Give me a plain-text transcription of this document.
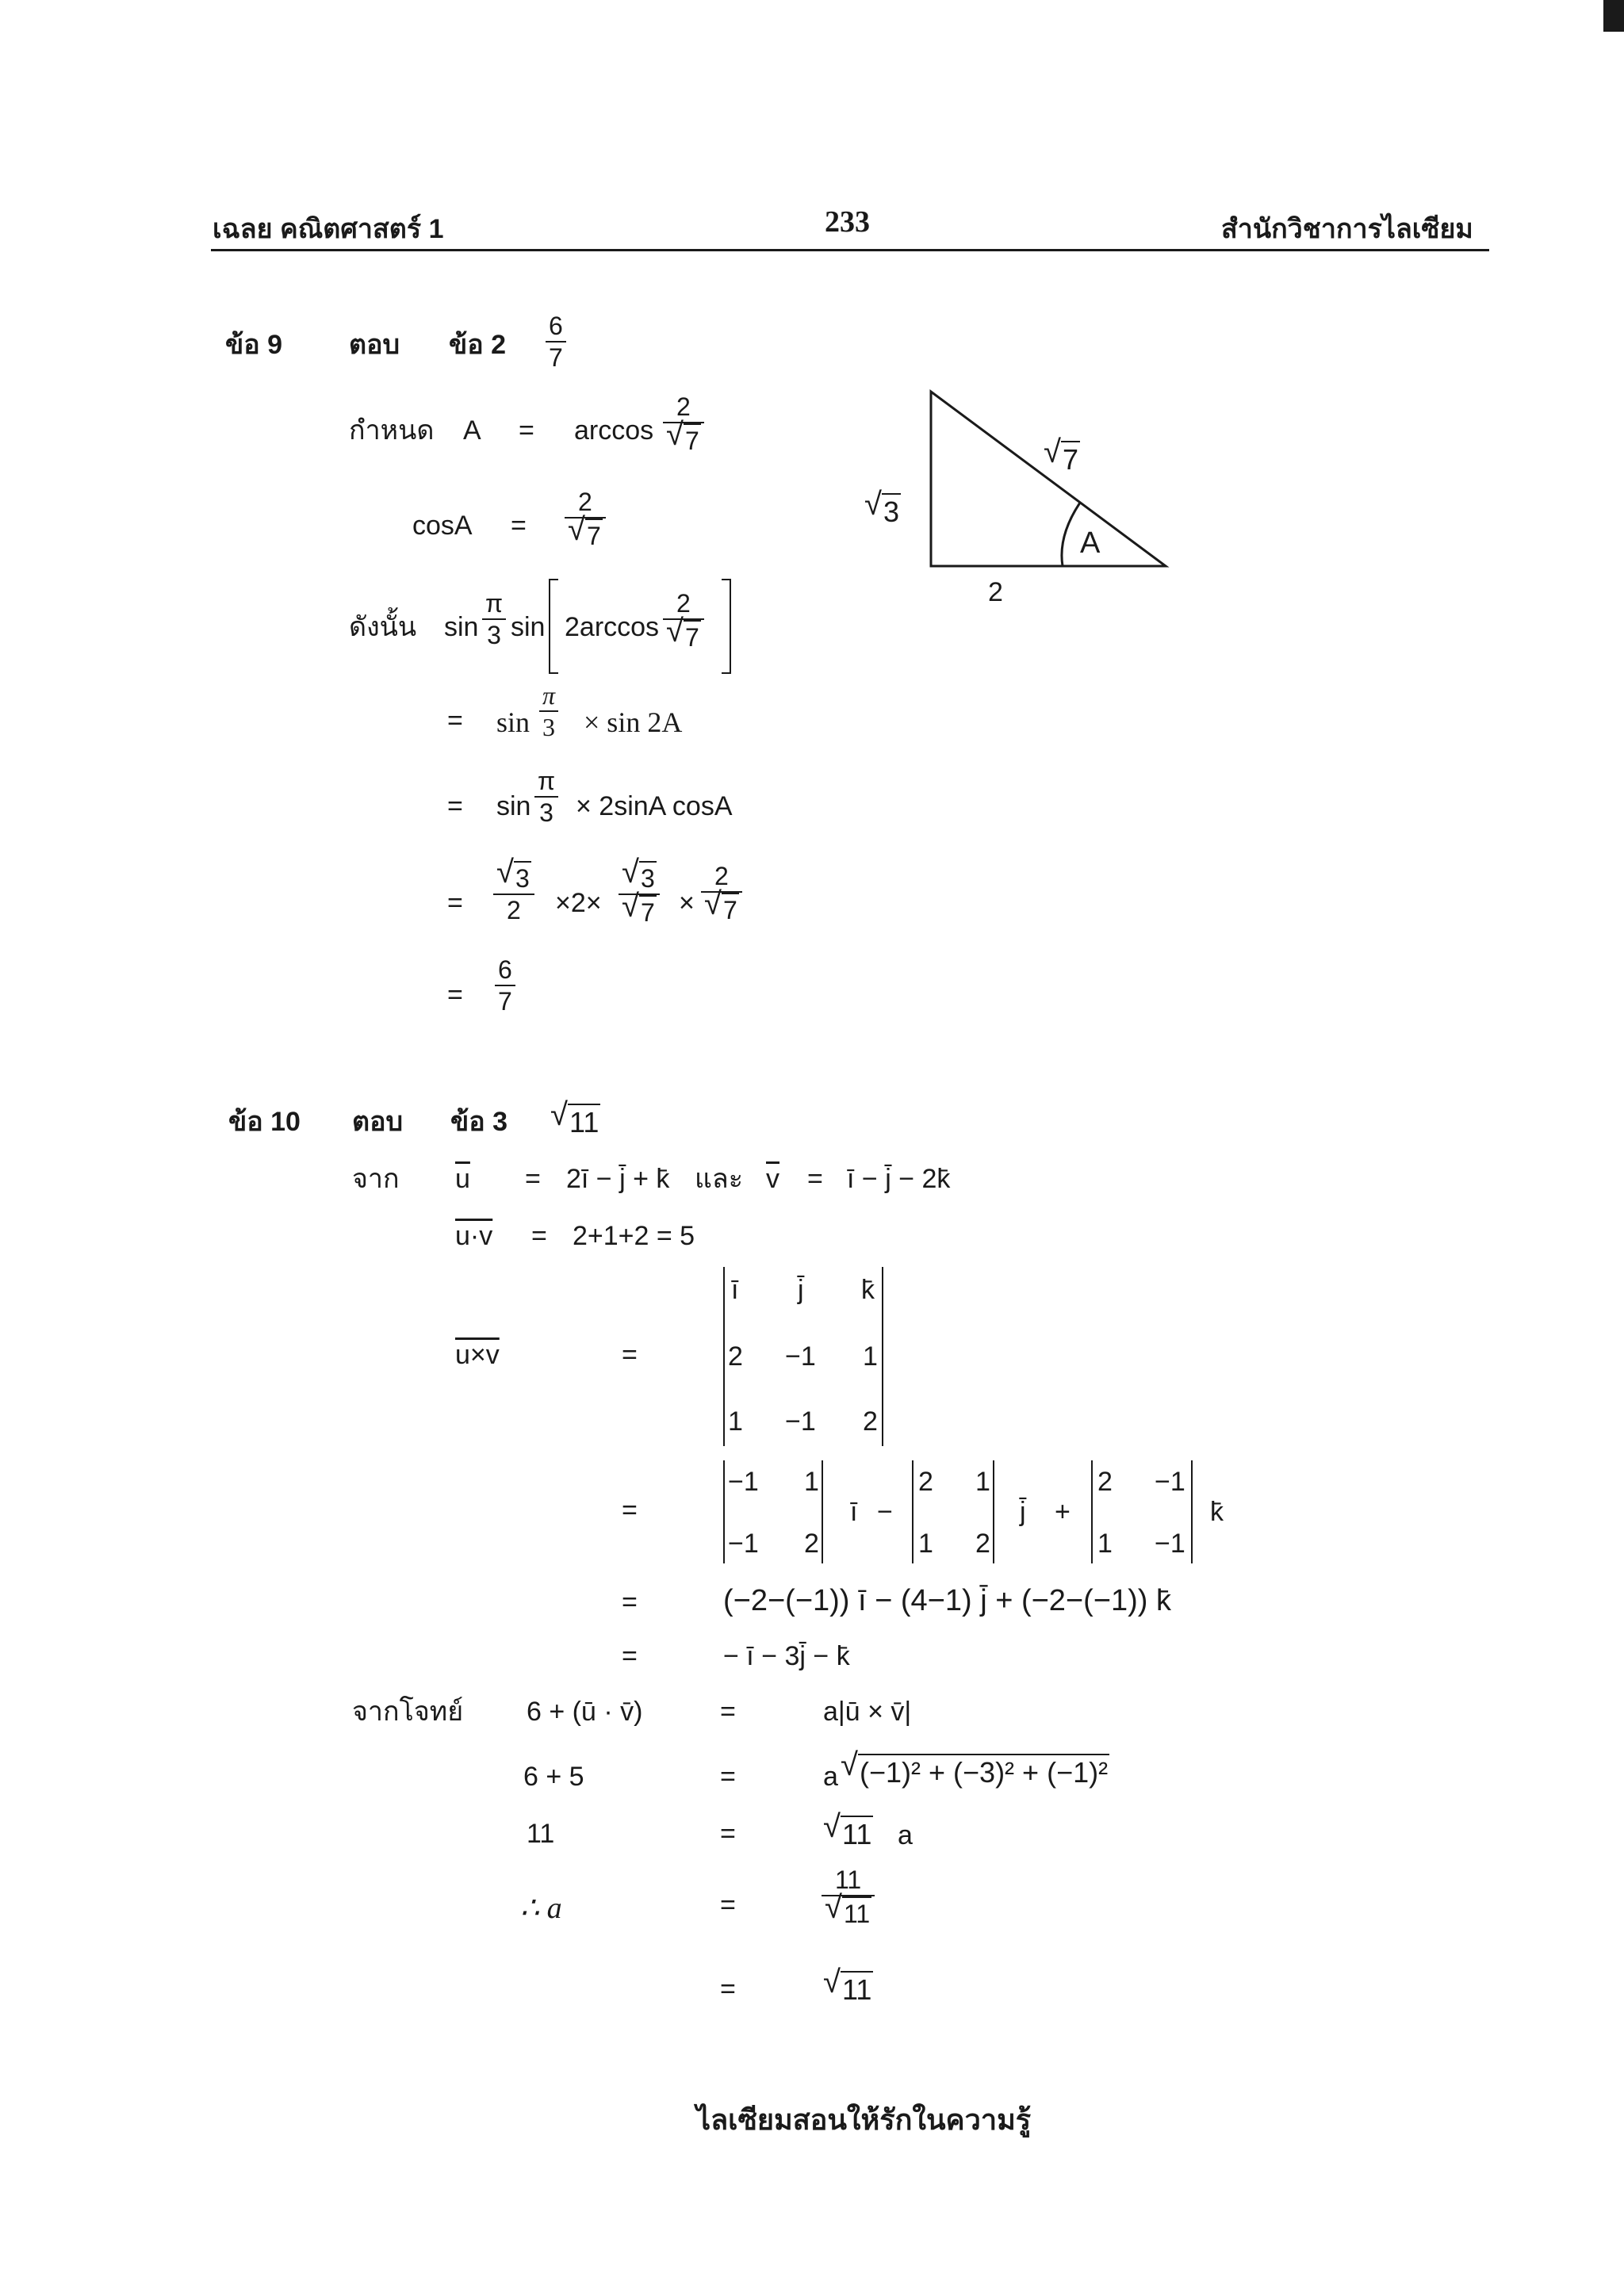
เฉลย คณิตศาสตร์ 1	233	สำนักวิชาการไลเซียม
ข้อ 9 ตอบ ข้อ $2 \frac{6}{7}$
กำหนด $A = \arccos \frac{2}{√ 7}$
$\cos A = \frac{2}{√ 7}$
ดังนั้น $\sin \frac{\pi}{3}$ $\sin 2\arccos \frac{2}{√ 7}$
= $\sin \frac{\pi}{3} \times \sin 2A$
= $\sin \frac{\pi}{3} \times 2\sin A$ cosA
= $\frac{√ 3}{2} \times 2\times \frac{√ 3}{√ 7} \times \frac{2}{√ 7}$
= $\frac{6}{7}$
√ 7
√ 3
2
A
ข้อ 10 ตอบ ข้อ 3 √ 11
จาก $\overline{u}$ = 2ī − j̄ + k̄ และ $\overline{v}$ = ī − j̄ − 2k̄
u·v = 2+1+2 = 5
u×v	=
ī j̄ k̄
2 −1 1
1 −1 2
=
−1 1
−1 2
ī −
2 1
1 2
j̄ +
2 −1
1 −1
k̄
=	(−2−(−1)) ī − (4−1) j̄ + (−2−(−1)) k̄
=	− ī − 3j̄ − k̄
จากโจทย์ 6 + (ū · v̄)	=	a|ū × v̄|
6 + 5	=	a √ (−1)² + (−3)² + (−1)²
11	=	√ 11 a
∴ a	=	$\frac{11}{√ 11}$
=	√ 11
ไลเซียมสอนให้รักในความรู้
